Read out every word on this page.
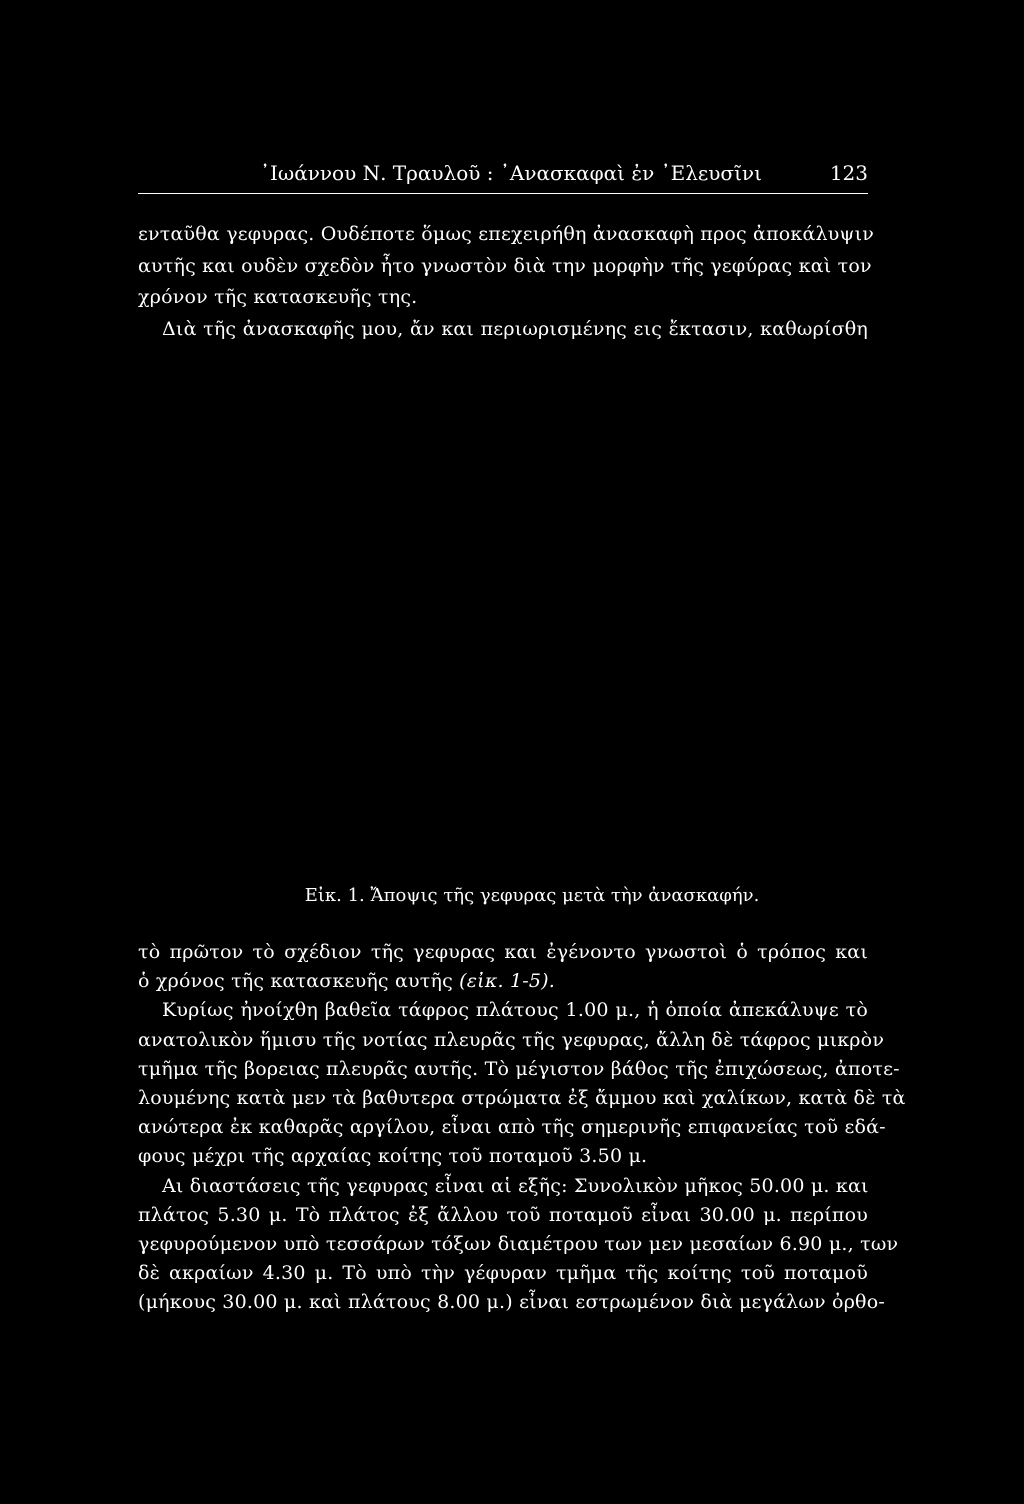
᾿Ιωάννου Ν. Τραυλοῦ : ᾿Ανασκαφαὶ ἐν ᾿Ελευσῖνι	123
ενταῦθα γεφυρας. Ουδέποτε ὅμως επεχειρήθη ἀνασκαφὴ προς ἀποκάλυψιν
αυτῆς και ουδὲν σχεδὸν ἦτο γνωστὸν διὰ την μορφὴν τῆς γεφύρας καὶ τον
χρόνον τῆς κατασκευῆς της.
Διὰ τῆς ἀνασκαφῆς μου, ἄν και περιωρισμένης εις ἔκτασιν, καθωρίσθη
Εἰκ. 1. Ἄποψις τῆς γεφυρας μετὰ τὴν ἀνασκαφήν.
τὸ πρῶτον τὸ σχέδιον τῆς γεφυρας και ἐγένοντο γνωστοὶ ὁ τρόπος και
ὁ χρόνος τῆς κατασκευῆς αυτῆς (εἰκ. 1-5).
Κυρίως ἠνοίχθη βαθεῖα τάφρος πλάτους 1.00 μ., ἡ ὁποία ἀπεκάλυψε τὸ
ανατολικὸν ἥμισυ τῆς νοτίας πλευρᾶς τῆς γεφυρας, ἄλλη δὲ τάφρος μικρὸν
τμῆμα τῆς βορειας πλευρᾶς αυτῆς. Τὸ μέγιστον βάθος τῆς ἐπιχώσεως, ἀποτε-
λουμένης κατὰ μεν τὰ βαθυτερα στρώματα ἐξ ἄμμου καὶ χαλίκων, κατὰ δὲ τὰ
ανώτερα ἐκ καθαρᾶς αργίλου, εἶναι απὸ τῆς σημερινῆς επιφανείας τοῦ εδά-
φους μέχρι τῆς αρχαίας κοίτης τοῦ ποταμοῦ 3.50 μ.
Αι διαστάσεις τῆς γεφυρας εἶναι αἱ εξῆς: Συνολικὸν μῆκος 50.00 μ. και
πλάτος 5.30 μ. Τὸ πλάτος ἐξ ἄλλου τοῦ ποταμοῦ εἶναι 30.00 μ. περίπου
γεφυρούμενον υπὸ τεσσάρων τόξων διαμέτρου των μεν μεσαίων 6.90 μ., των
δὲ ακραίων 4.30 μ. Τὸ υπὸ τὴν γέφυραν τμῆμα τῆς κοίτης τοῦ ποταμοῦ
(μήκους 30.00 μ. καὶ πλάτους 8.00 μ.) εἶναι εστρωμένον διὰ μεγάλων ὀρθο-
